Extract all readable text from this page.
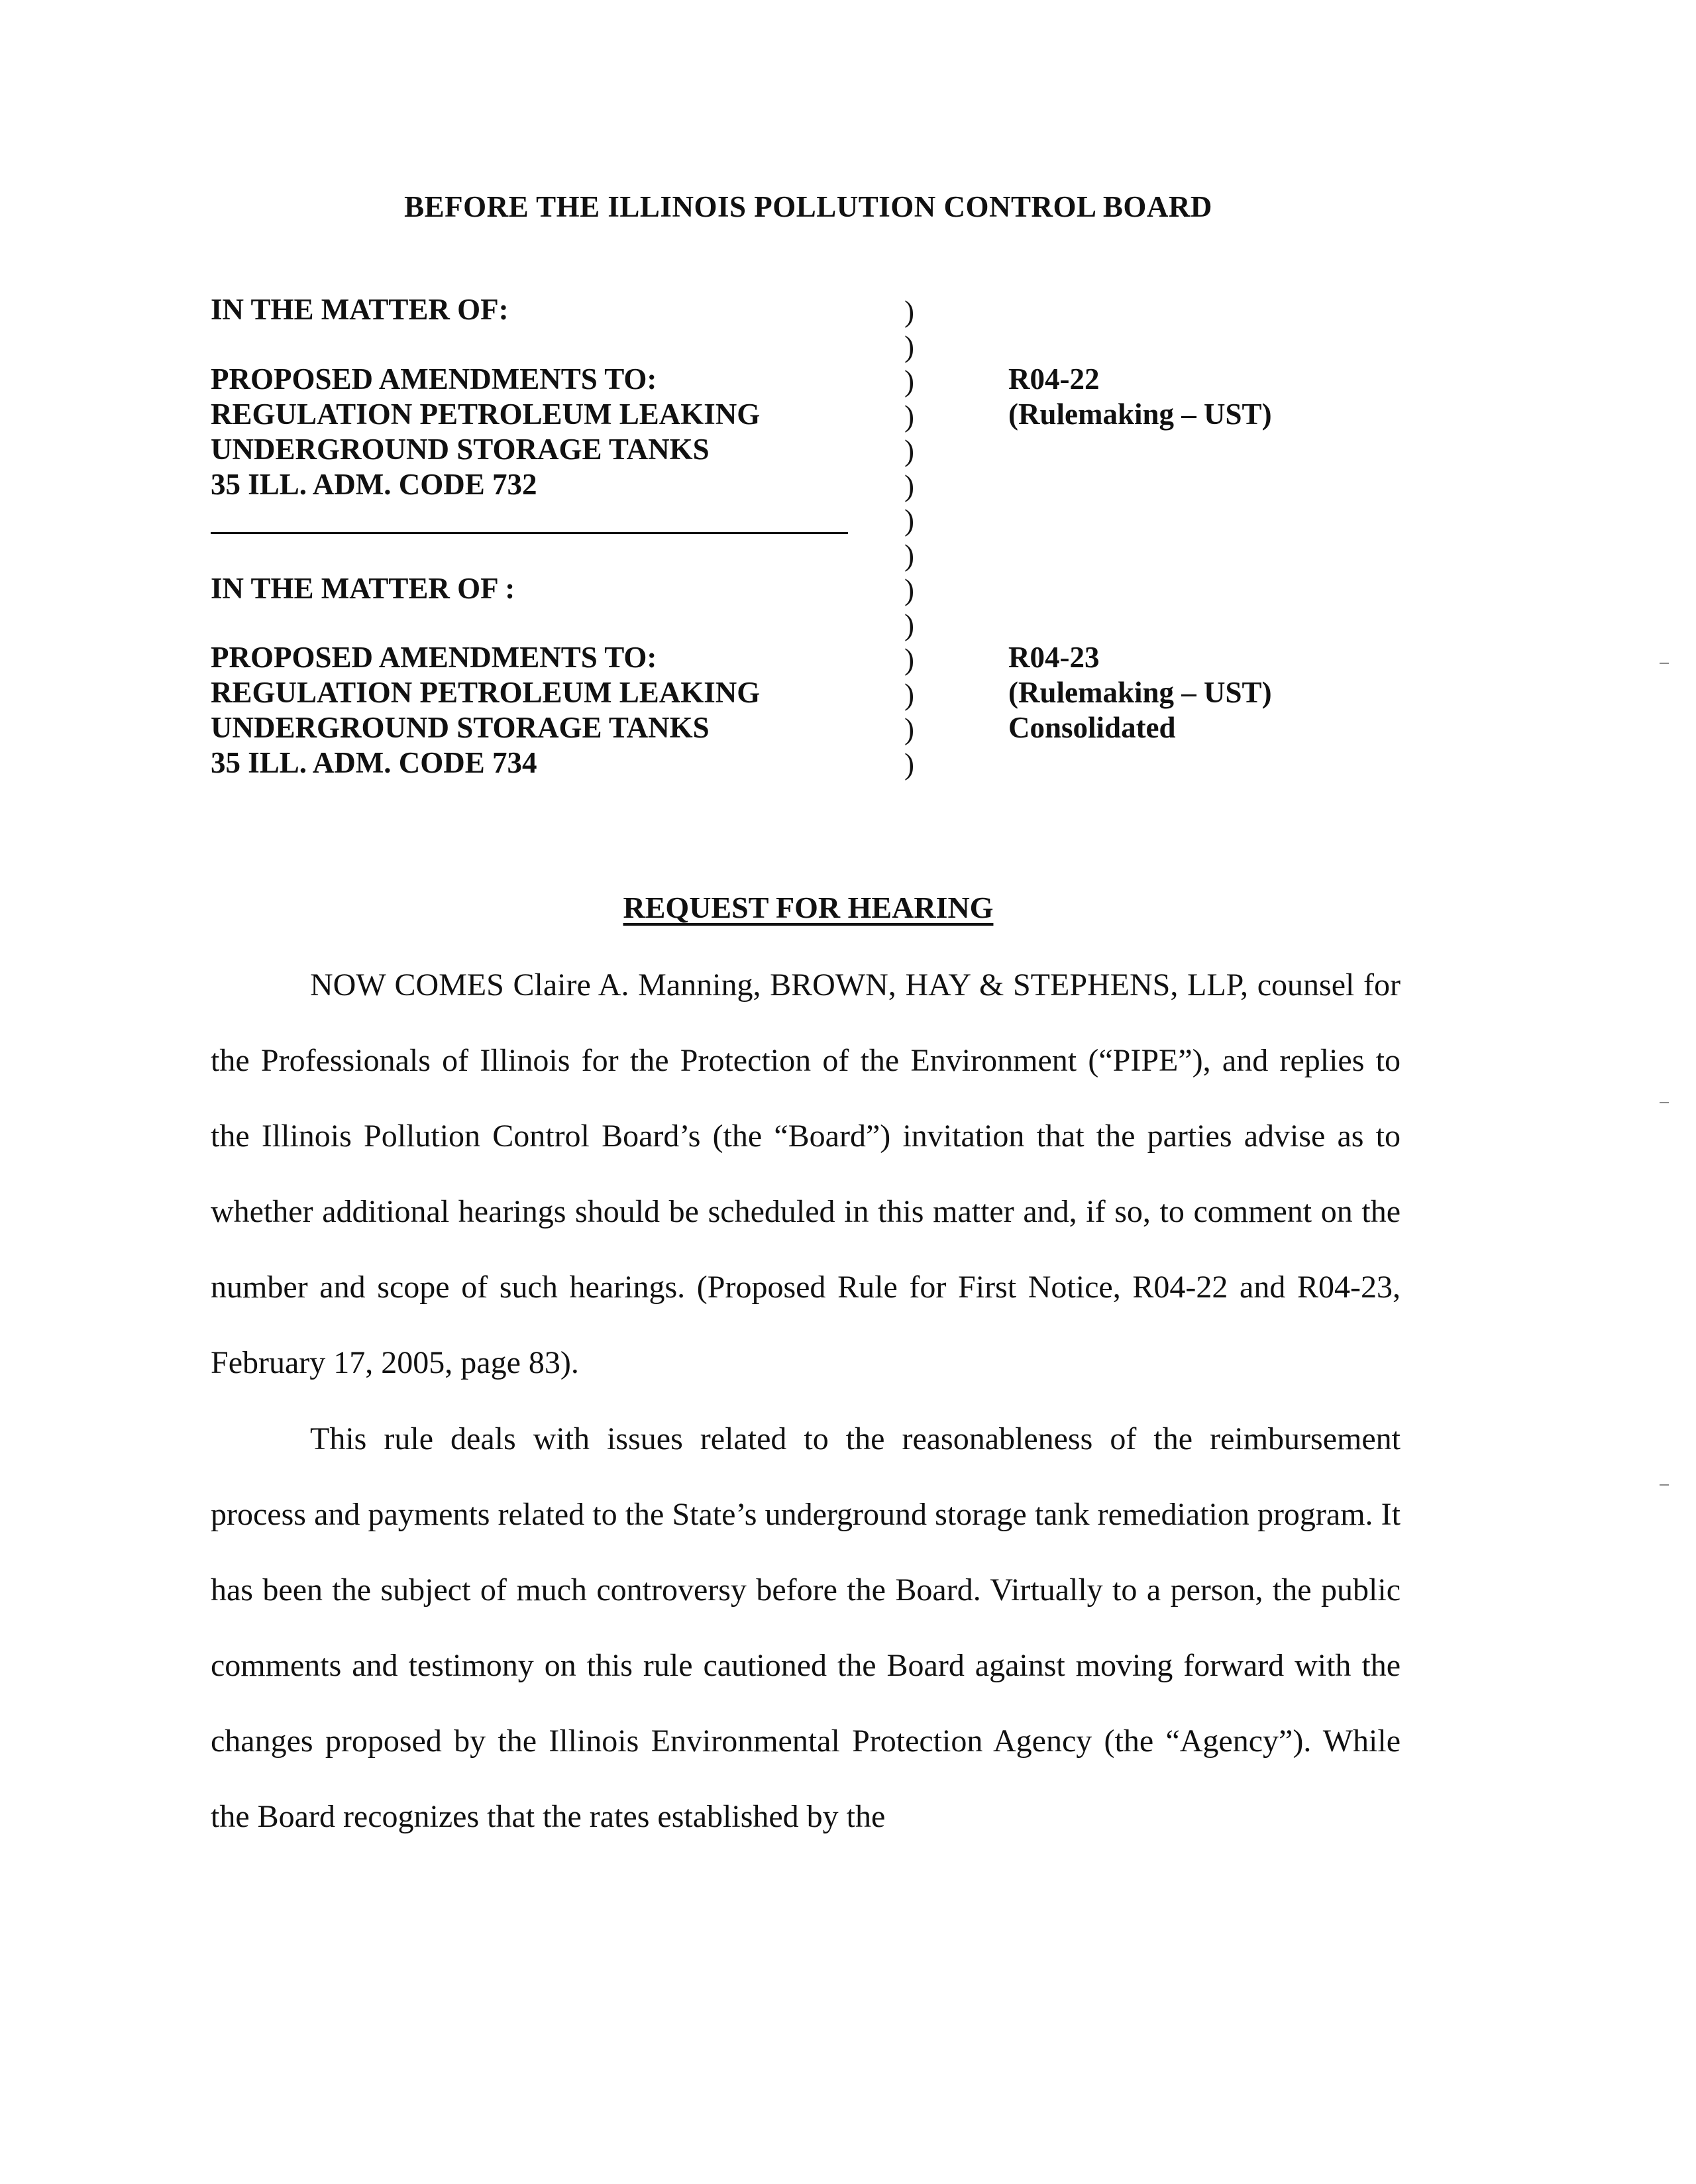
BEFORE THE ILLINOIS POLLUTION CONTROL BOARD
IN THE MATTER OF:
PROPOSED AMENDMENTS TO:
REGULATION PETROLEUM LEAKING
UNDERGROUND STORAGE TANKS
35 ILL. ADM. CODE 732
IN THE MATTER OF :
PROPOSED AMENDMENTS TO:
REGULATION PETROLEUM LEAKING
UNDERGROUND STORAGE TANKS
35 ILL. ADM. CODE 734
)
)
)
)
)
)
)
)
)
)
)
)
)
)
R04-22
(Rulemaking – UST)
R04-23
(Rulemaking – UST)
Consolidated
REQUEST FOR HEARING

NOW COMES Claire A. Manning, BROWN, HAY & STEPHENS, LLP, counsel for the Professionals of Illinois for the Protection of the Environment (“PIPE”), and replies to the Illinois Pollution Control Board’s (the “Board”) invitation that the parties advise as to whether additional hearings should be scheduled in this matter and, if so, to comment on the number and scope of such hearings. (Proposed Rule for First Notice, R04-22 and R04-23, February 17, 2005, page 83).

This rule deals with issues related to the reasonableness of the reimbursement process and payments related to the State’s underground storage tank remediation program. It has been the subject of much controversy before the Board. Virtually to a person, the public comments and testimony on this rule cautioned the Board against moving forward with the changes proposed by the Illinois Environmental Protection Agency (the “Agency”). While the Board recognizes that the rates established by the
